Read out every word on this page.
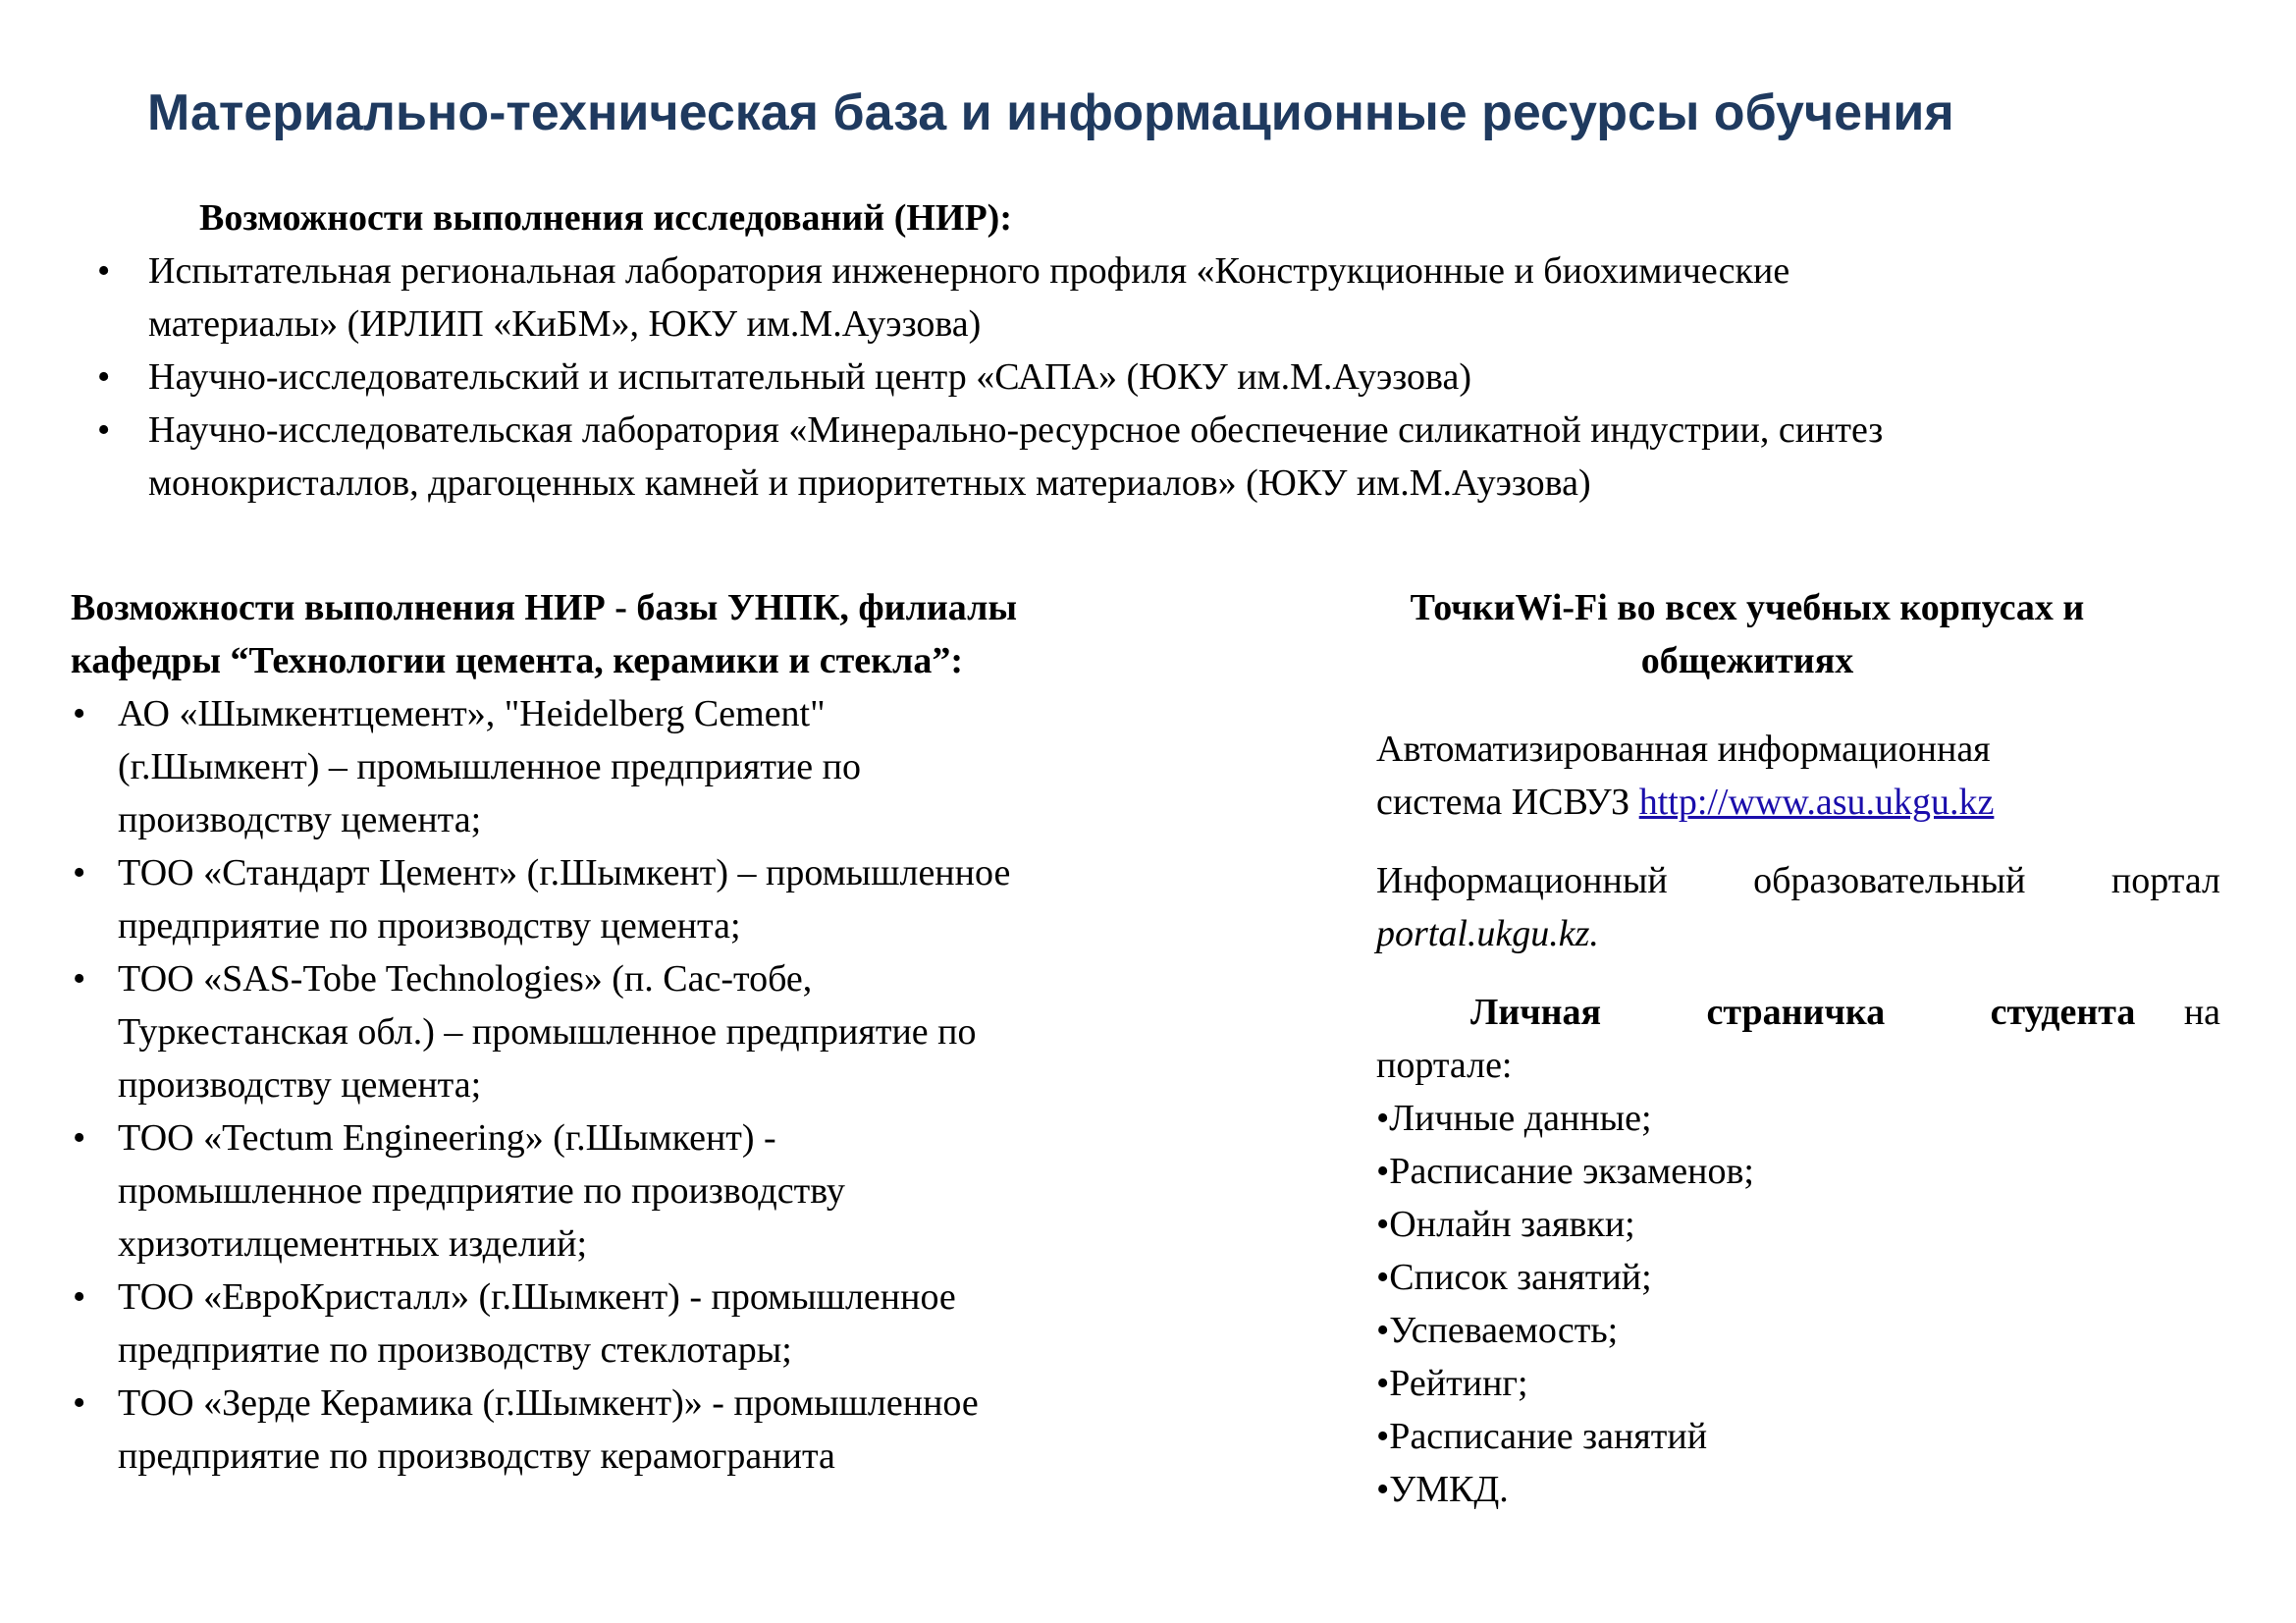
Материально-техническая база и информационные ресурсы обучения
Возможности выполнения исследований (НИР):
• Испытательная региональная лаборатория инженерного профиля «Конструкционные и биохимические
материалы» (ИРЛИП «КиБМ», ЮКУ им.М.Ауэзова)
• Научно-исследовательский и испытательный центр «САПА» (ЮКУ им.М.Ауэзова)
• Научно-исследовательская лаборатория «Минерально-ресурсное обеспечение силикатной индустрии, синтез
монокристаллов, драгоценных камней и приоритетных материалов» (ЮКУ им.М.Ауэзова)
Возможности выполнения НИР - базы УНПК, филиалы
кафедры “Технологии цемента, керамики и стекла”:
• АО «Шымкентцемент», "Heidelberg Cement"
(г.Шымкент) – промышленное предприятие по
производству цемента;
• ТОО «Стандарт Цемент» (г.Шымкент) – промышленное
предприятие по производству цемента;
• ТОО «SAS-Tobe Technologies» (п. Сас-тобе,
Туркестанская обл.) – промышленное предприятие по
производству цемента;
• ТОО «Tectum Engineering» (г.Шымкент) -
промышленное предприятие по производству
хризотилцементных изделий;
• ТОО «ЕвроКристалл» (г.Шымкент) - промышленное
предприятие по производству стеклотары;
• ТОО «Зерде Керамика (г.Шымкент)» - промышленное
предприятие по производству керамогранита
ТочкиWi-Fi во всех учебных корпусах и
общежитиях

Автоматизированная информационная
система ИСВУЗ http://www.asu.ukgu.kz

Информационный образовательный портал
portal.ukgu.kz.

Личная страничка студента на
портале:
•Личные данные;
•Расписание экзаменов;
•Онлайн заявки;
•Список занятий;
•Успеваемость;
•Рейтинг;
•Расписание занятий
•УМКД.
